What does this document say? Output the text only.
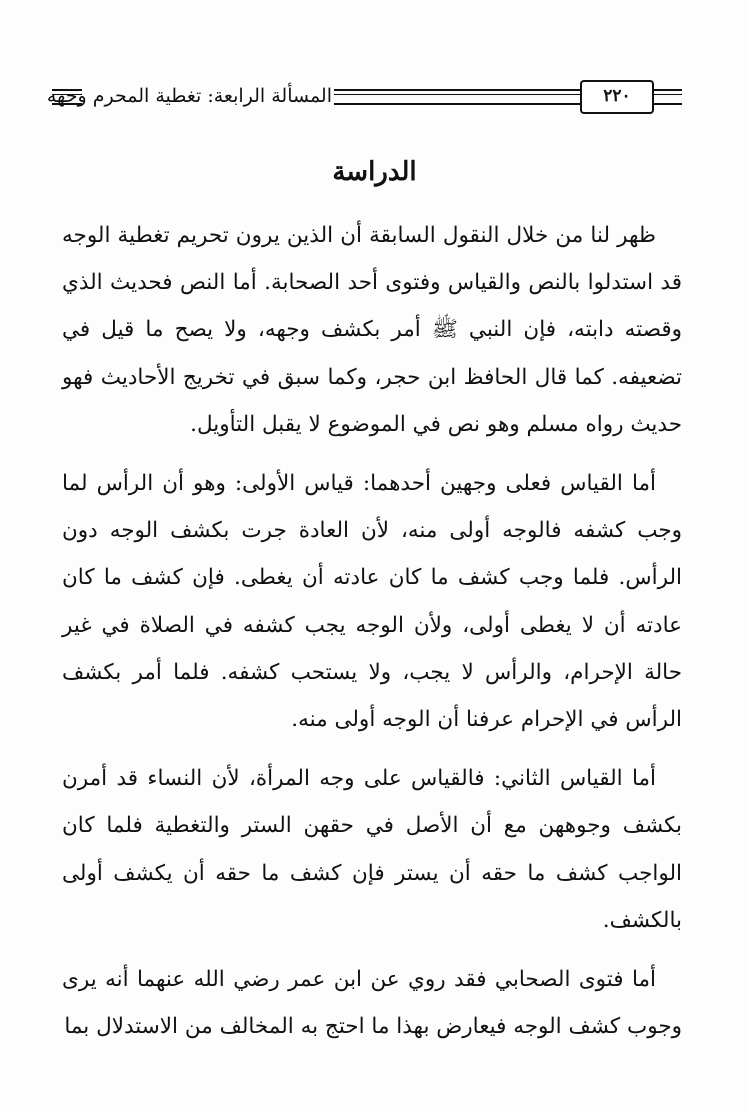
٢٢٠
المسألة الرابعة: تغطية المحرم وجهه
الدراسة

ظهر لنا من خلال النقول السابقة أن الذين يرون تحريم تغطية الوجه قد استدلوا بالنص والقياس وفتوى أحد الصحابة. أما النص فحديث الذي وقصته دابته، فإن النبي ﷺ أمر بكشف وجهه، ولا يصح ما قيل في تضعيفه. كما قال الحافظ ابن حجر، وكما سبق في تخريج الأحاديث فهو حديث رواه مسلم وهو نص في الموضوع لا يقبل التأويل.

أما القياس فعلى وجهين أحدهما: قياس الأولى: وهو أن الرأس لما وجب كشفه فالوجه أولى منه، لأن العادة جرت بكشف الوجه دون الرأس. فلما وجب كشف ما كان عادته أن يغطى. فإن كشف ما كان عادته أن لا يغطى أولى، ولأن الوجه يجب كشفه في الصلاة في غير حالة الإحرام، والرأس لا يجب، ولا يستحب كشفه. فلما أمر بكشف الرأس في الإحرام عرفنا أن الوجه أولى منه.

أما القياس الثاني: فالقياس على وجه المرأة، لأن النساء قد أمرن بكشف وجوههن مع أن الأصل في حقهن الستر والتغطية فلما كان الواجب كشف ما حقه أن يستر فإن كشف ما حقه أن يكشف أولى بالكشف.

أما فتوى الصحابي فقد روي عن ابن عمر رضي الله عنهما أنه يرى وجوب كشف الوجه فيعارض بهذا ما احتج به المخالف من الاستدلال بما
